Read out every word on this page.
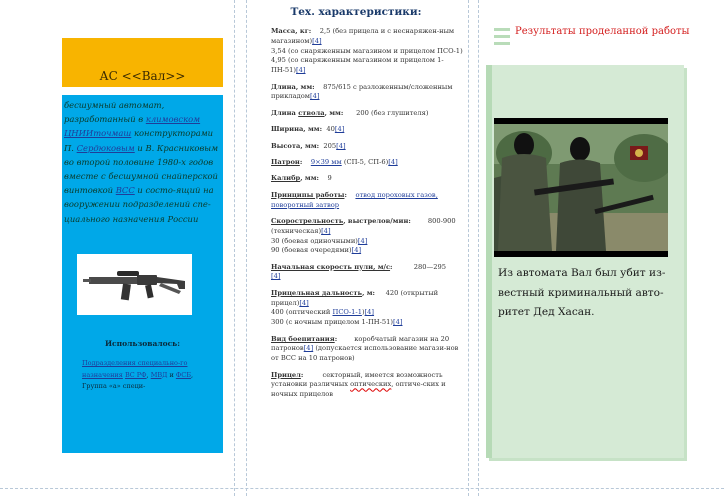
АС <<Вал>>
бесшумный автомат, разработанный в климовском ЦНИИточмаш конструкторами П. Сердюковым и В. Красниковым во второй половине 1980-х годов вместе с бесшумной снайперской винтовкой ВСС и состо-ящий на вооружении подразделений спе-циального назначения России
Использовалось:
Подразделения специально-го назначения ВС РФ, МВД и ФСБ, Группа «а» специ-
Тех. характеристики:
Масса, кг: 2,5 (без прицела и с неснаряжен-ным магазином)[4]
3,54 (со снаряженным магазином и прицелом ПСО-1)
4,95 (со снаряженным магазином и прицелом 1-ПН-51)[4]
Длина, мм: 875/615 с разложенным/сложенным прикладом[4]
Длина ствола, мм: 200 (без глушителя)
Ширина, мм: 40[4]
Высота, мм: 205[4]
Патрон: 9×39 мм (СП-5, СП-6)[4]
Калибр, мм: 9
Принципы работы: отвод пороховых газов, поворотный затвор
Скорострельность, выстрелов/мин:	800-900 (техническая)[4]
30 (боевая одиночными)[4]
90 (боевая очередями)[4]
Начальная скорость пули, м/с:	280—295
[4]
Прицельная дальность, м: 420 (открытый прицел)[4]
400 (оптический ПСО-1-1)[4]
300 (с ночным прицелом 1-ПН-51)[4]
Вид боепитания:	коробчатый магазин на 20 патронов[4] (допускается использование магази-нов от ВСС на 10 патронов)
Прицел:	секторный, имеется возможность установки различных оптических, оптиче-ских и ночных прицелов
Результаты проделанной работы
Из автомата Вал был убит из-вестный криминальный авто-ритет Дед Хасан.
